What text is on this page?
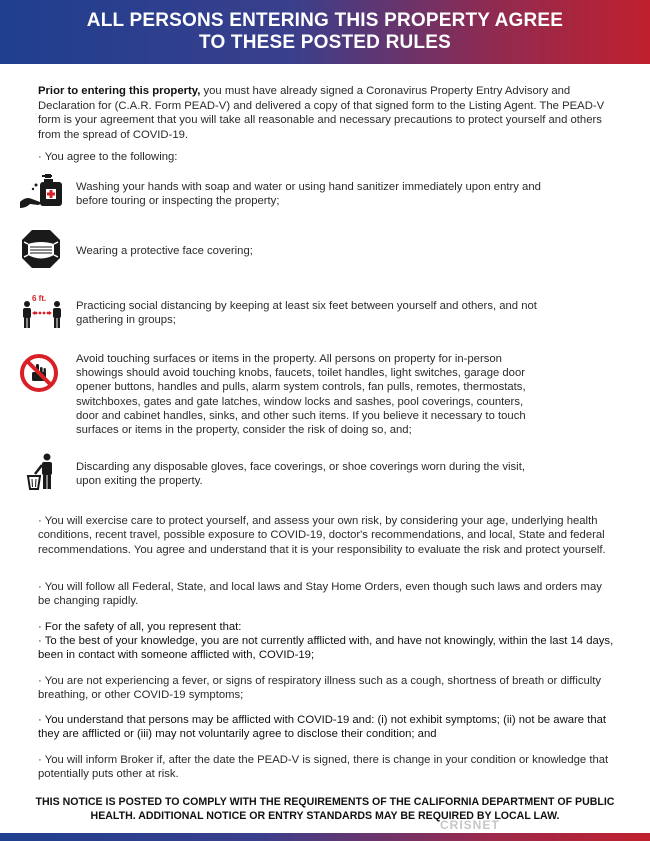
ALL PERSONS ENTERING THIS PROPERTY AGREE
TO THESE POSTED RULES
Prior to entering this property, you must have already signed a Coronavirus Property Entry Advisory and Declaration for (C.A.R. Form PEAD-V) and delivered a copy of that signed form to the Listing Agent. The PEAD-V form is your agreement that you will take all reasonable and necessary precautions to protect yourself and others from the spread of COVID-19.
· You agree to the following:
Washing your hands with soap and water or using hand sanitizer immediately upon entry and before touring or inspecting the property;
Wearing a protective face covering;
6 ft.
Practicing social distancing by keeping at least six feet between yourself and others, and not gathering in groups;
Avoid touching surfaces or items in the property. All persons on property for in-person showings should avoid touching knobs, faucets, toilet handles, light switches, garage door opener buttons, handles and pulls, alarm system controls, fan pulls, remotes, thermostats, switchboxes, gates and gate latches, window locks and sashes, pool coverings, counters, door and cabinet handles, sinks, and other such items. If you believe it necessary to touch surfaces or items in the property, consider the risk of doing so, and;
Discarding any disposable gloves, face coverings, or shoe coverings worn during the visit, upon exiting the property.
· You will exercise care to protect yourself, and assess your own risk, by considering your age, underlying health conditions, recent travel, possible exposure to COVID-19, doctor's recommendations, and local, State and federal recommendations. You agree and understand that it is your responsibility to evaluate the risk and protect yourself.
· You will follow all Federal, State, and local laws and Stay Home Orders, even though such laws and orders may be changing rapidly.
· For the safety of all, you represent that:
· To the best of your knowledge, you are not currently afflicted with, and have not knowingly, within the last 14 days, been in contact with someone afflicted with, COVID-19;
· You are not experiencing a fever, or signs of respiratory illness such as a cough, shortness of breath or difficulty breathing, or other COVID-19 symptoms;
· You understand that persons may be afflicted with COVID-19 and: (i) not exhibit symptoms; (ii) not be aware that they are afflicted or (iii) may not voluntarily agree to disclose their condition; and
· You will inform Broker if, after the date the PEAD-V is signed, there is change in your condition or knowledge that potentially puts other at risk.
THIS NOTICE IS POSTED TO COMPLY WITH THE REQUIREMENTS OF THE CALIFORNIA DEPARTMENT OF PUBLIC HEALTH. ADDITIONAL NOTICE OR ENTRY STANDARDS MAY BE REQUIRED BY LOCAL LAW.
CRISNET
